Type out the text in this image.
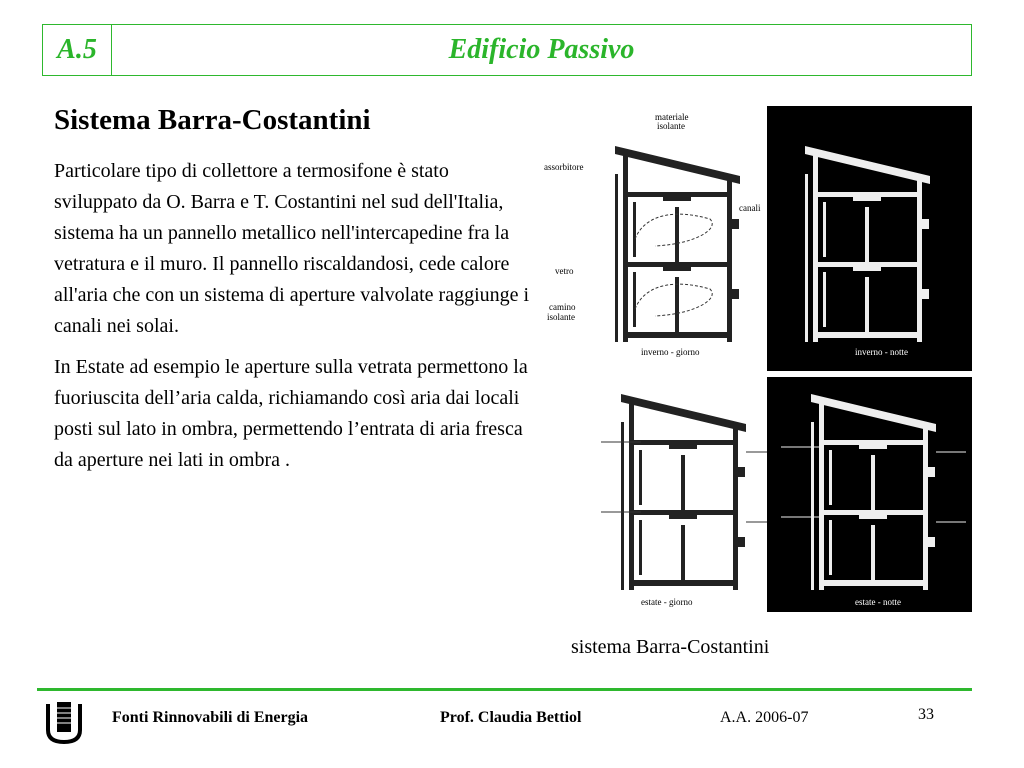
A.5	Edificio Passivo
Sistema Barra-Costantini

Particolare tipo di collettore a termosifone è stato sviluppato da O. Barra e T. Costantini nel sud dell'Italia, sistema ha un pannello metallico nell'intercapedine fra la vetratura e il muro. Il pannello riscaldandosi, cede calore all'aria che con un sistema di aperture valvolate raggiunge i canali nei solai.

In Estate ad esempio le aperture sulla vetrata permettono la fuoriuscita dell’aria calda, richiamando così aria dai locali posti sul lato in ombra, permettendo l’entrata di aria fresca da aperture nei lati in ombra .

materiale
isolante
assorbitore
canali
vetro
camino
isolante
inverno - giorno	inverno - notte
estate - giorno	estate - notte
sistema Barra-Costantini
Fonti Rinnovabili di Energia	Prof. Claudia Bettiol	A.A. 2006-07	33
